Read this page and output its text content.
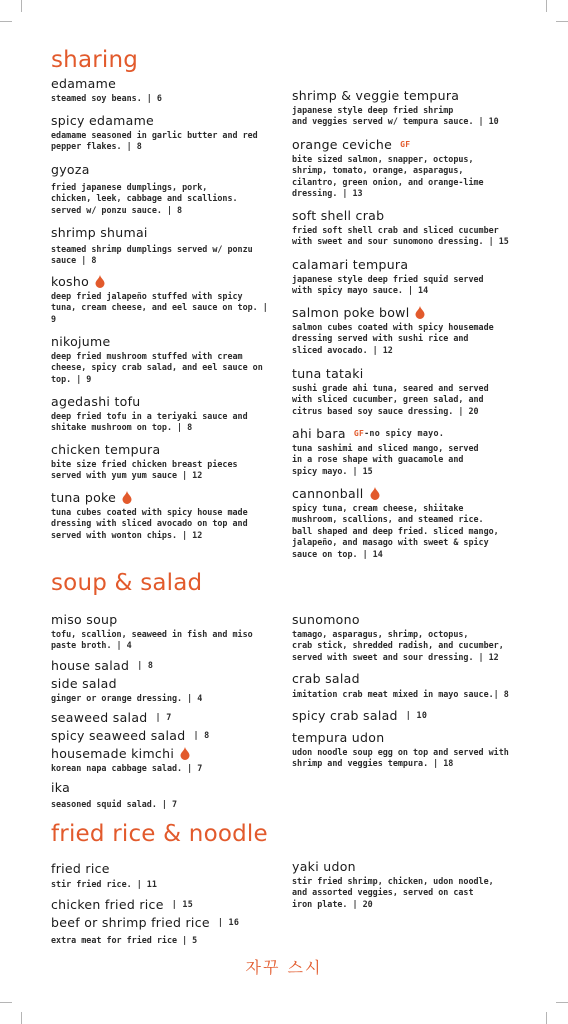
sharing
edamame
steamed soy beans. | 6
spicy edamame
edamame seasoned in garlic butter and red
pepper flakes. | 8
gyoza
fried japanese dumplings, pork,
chicken, leek, cabbage and scallions.
served w/ ponzu sauce. | 8
shrimp shumai
steamed shrimp dumplings served w/ ponzu
sauce | 8
kosho
deep fried jalapeño stuffed with spicy
tuna, cream cheese, and eel sauce on top. |
9
nikojume
deep fried mushroom stuffed with cream
cheese, spicy crab salad, and eel sauce on
top. | 9
agedashi tofu
deep fried tofu in a teriyaki sauce and
shitake mushroom on top. | 8
chicken tempura
bite size fried chicken breast pieces
served with yum yum sauce | 12
tuna poke
tuna cubes coated with spicy house made
dressing with sliced avocado on top and
served with wonton chips. | 12
shrimp & veggie tempura
japanese style deep fried shrimp
and veggies served w/ tempura sauce. | 10
orange ceviche GF
bite sized salmon, snapper, octopus,
shrimp, tomato, orange, asparagus,
cilantro, green onion, and orange-lime
dressing. | 13
soft shell crab
fried soft shell crab and sliced cucumber
with sweet and sour sunomono dressing. | 15
calamari tempura
japanese style deep fried squid served
with spicy mayo sauce. | 14
salmon poke bowl
salmon cubes coated with spicy housemade
dressing served with sushi rice and
sliced avocado. | 12
tuna tataki
sushi grade ahi tuna, seared and served
with sliced cucumber, green salad, and
citrus based soy sauce dressing. | 20
ahi bara GF -no spicy mayo.
tuna sashimi and sliced mango, served
in a rose shape with guacamole and
spicy mayo. | 15
cannonball
spicy tuna, cream cheese, shiitake
mushroom, scallions, and steamed rice.
ball shaped and deep fried. sliced mango,
jalapeño, and masago with sweet & spicy
sauce on top. | 14
soup & salad
miso soup
tofu, scallion, seaweed in fish and miso
paste broth. | 4
house salad | 8
side salad
ginger or orange dressing. | 4
seaweed salad | 7
spicy seaweed salad | 8
housemade kimchi
korean napa cabbage salad. | 7
ika
seasoned squid salad. | 7
sunomono
tamago, asparagus, shrimp, octopus,
crab stick, shredded radish, and cucumber,
served with sweet and sour dressing. | 12
crab salad
imitation crab meat mixed in mayo sauce.| 8
spicy crab salad | 10
tempura udon
udon noodle soup egg on top and served with
shrimp and veggies tempura. | 18
fried rice & noodle
fried rice
stir fried rice. | 11
chicken fried rice | 15
beef or shrimp fried rice | 16
extra meat for fried rice | 5
yaki udon
stir fried shrimp, chicken, udon noodle,
and assorted veggies, served on cast
iron plate. | 20
자꾸 스시
